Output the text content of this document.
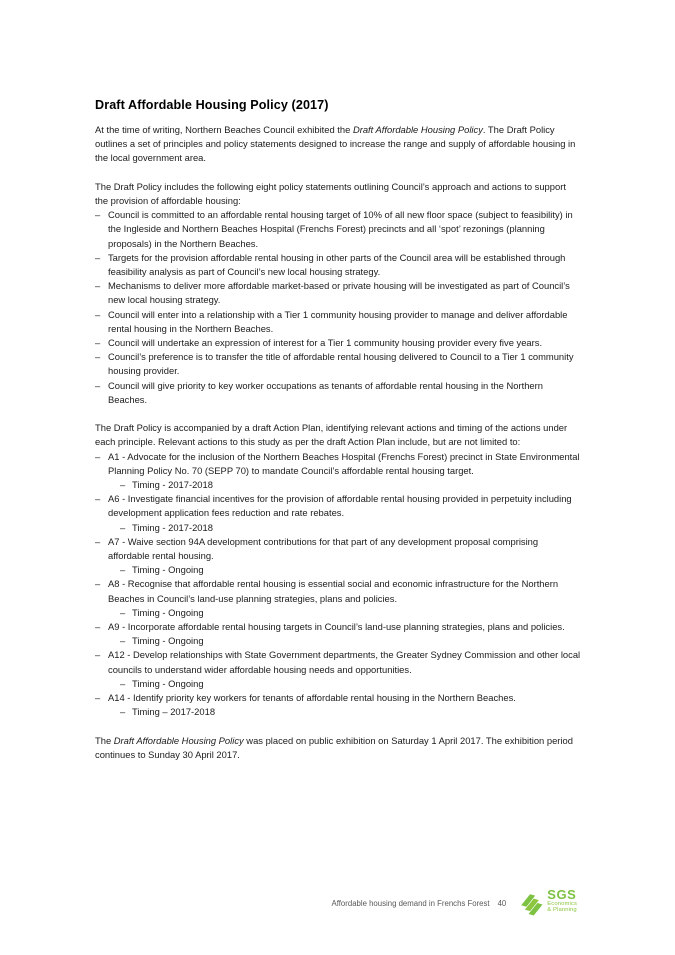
Draft Affordable Housing Policy (2017)

At the time of writing, Northern Beaches Council exhibited the Draft Affordable Housing Policy. The Draft Policy outlines a set of principles and policy statements designed to increase the range and supply of affordable housing in the local government area.

The Draft Policy includes the following eight policy statements outlining Council’s approach and actions to support the provision of affordable housing:

– Council is committed to an affordable rental housing target of 10% of all new floor space (subject to feasibility) in the Ingleside and Northern Beaches Hospital (Frenchs Forest) precincts and all ‘spot’ rezonings (planning proposals) in the Northern Beaches.
– Targets for the provision affordable rental housing in other parts of the Council area will be established through feasibility analysis as part of Council’s new local housing strategy.
– Mechanisms to deliver more affordable market-based or private housing will be investigated as part of Council’s new local housing strategy.
– Council will enter into a relationship with a Tier 1 community housing provider to manage and deliver affordable rental housing in the Northern Beaches.
– Council will undertake an expression of interest for a Tier 1 community housing provider every five years.
– Council’s preference is to transfer the title of affordable rental housing delivered to Council to a Tier 1 community housing provider.
– Council will give priority to key worker occupations as tenants of affordable rental housing in the Northern Beaches.

The Draft Policy is accompanied by a draft Action Plan, identifying relevant actions and timing of the actions under each principle. Relevant actions to this study as per the draft Action Plan include, but are not limited to:

– A1 - Advocate for the inclusion of the Northern Beaches Hospital (Frenchs Forest) precinct in State Environmental Planning Policy No. 70 (SEPP 70) to mandate Council’s affordable rental housing target.
– Timing - 2017-2018
– A6 - Investigate financial incentives for the provision of affordable rental housing provided in perpetuity including development application fees reduction and rate rebates.
– Timing - 2017-2018
– A7 - Waive section 94A development contributions for that part of any development proposal comprising affordable rental housing.
– Timing - Ongoing
– A8 - Recognise that affordable rental housing is essential social and economic infrastructure for the Northern Beaches in Council’s land-use planning strategies, plans and policies.
– Timing - Ongoing
– A9 - Incorporate affordable rental housing targets in Council’s land-use planning strategies, plans and policies.
– Timing - Ongoing
– A12 - Develop relationships with State Government departments, the Greater Sydney Commission and other local councils to understand wider affordable housing needs and opportunities.
– Timing - Ongoing
– A14 - Identify priority key workers for tenants of affordable rental housing in the Northern Beaches.
– Timing – 2017-2018

The Draft Affordable Housing Policy was placed on public exhibition on Saturday 1 April 2017. The exhibition period continues to Sunday 30 April 2017.

Affordable housing demand in Frenchs Forest 40
SGS
Economics
& Planning
